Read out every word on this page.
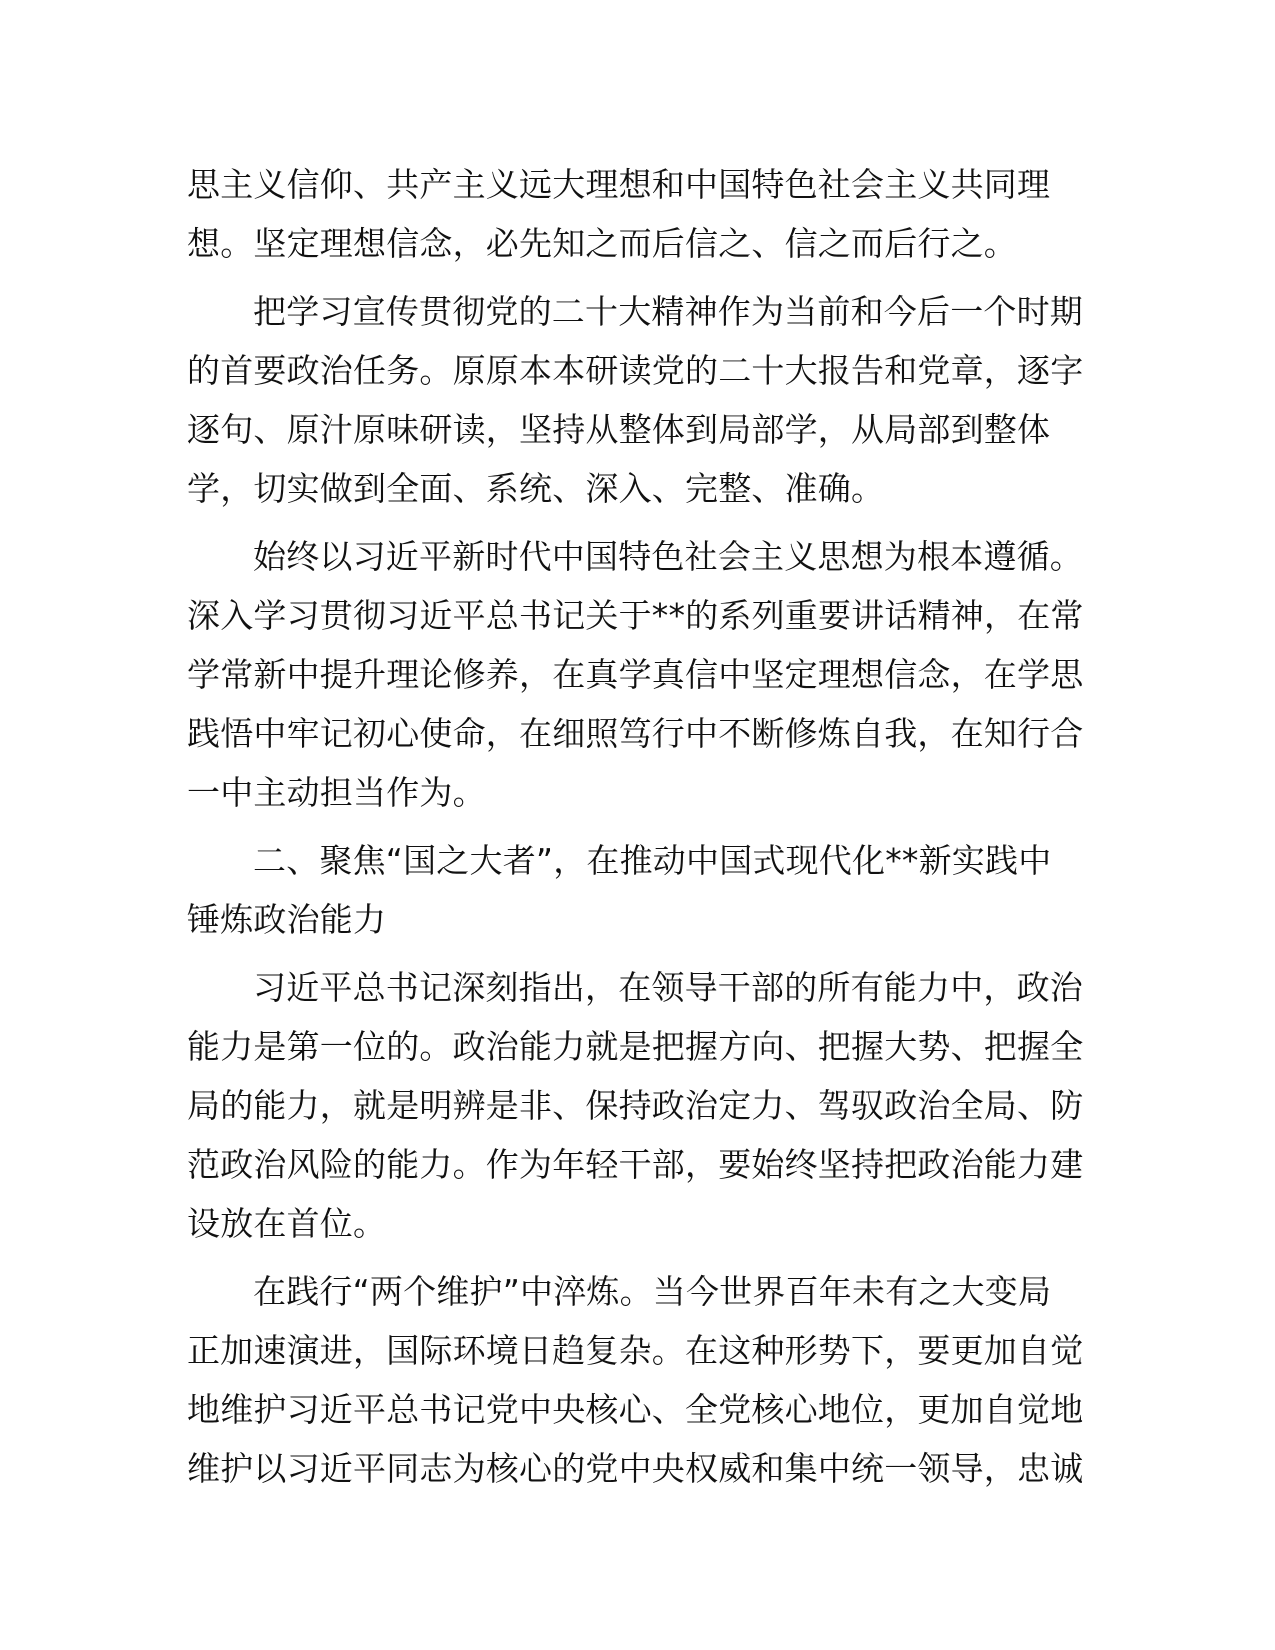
思主义信仰、共产主义远大理想和中国特色社会主义共同理
想。坚定理想信念，必先知之而后信之、信之而后行之。
把学习宣传贯彻党的二十大精神作为当前和今后一个时期
的首要政治任务。原原本本研读党的二十大报告和党章，逐字
逐句、原汁原味研读，坚持从整体到局部学，从局部到整体
学，切实做到全面、系统、深入、完整、准确。
始终以习近平新时代中国特色社会主义思想为根本遵循。
深入学习贯彻习近平总书记关于**的系列重要讲话精神，在常
学常新中提升理论修养，在真学真信中坚定理想信念，在学思
践悟中牢记初心使命，在细照笃行中不断修炼自我，在知行合
一中主动担当作为。
二、聚焦“国之大者”，在推动中国式现代化**新实践中
锤炼政治能力
习近平总书记深刻指出，在领导干部的所有能力中，政治
能力是第一位的。政治能力就是把握方向、把握大势、把握全
局的能力，就是明辨是非、保持政治定力、驾驭政治全局、防
范政治风险的能力。作为年轻干部，要始终坚持把政治能力建
设放在首位。
在践行“两个维护”中淬炼。当今世界百年未有之大变局
正加速演进，国际环境日趋复杂。在这种形势下，要更加自觉
地维护习近平总书记党中央核心、全党核心地位，更加自觉地
维护以习近平同志为核心的党中央权威和集中统一领导，忠诚
